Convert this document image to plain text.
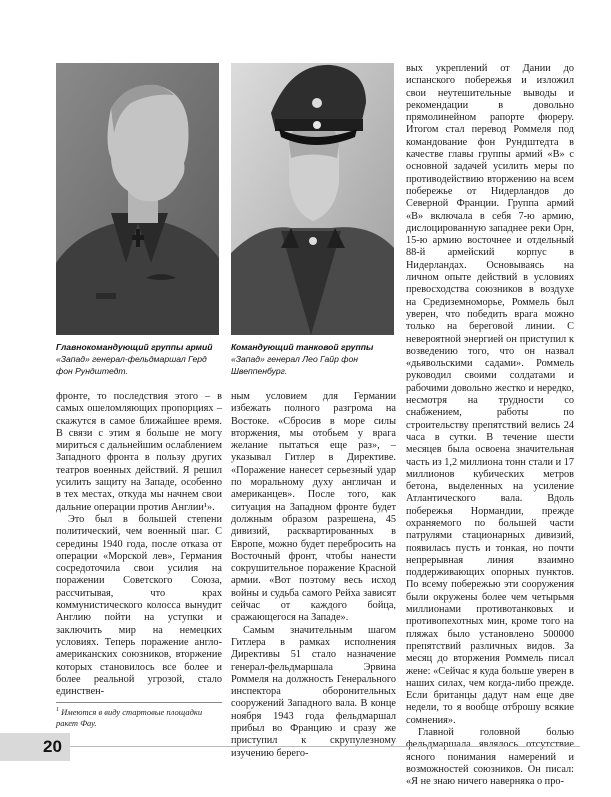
Главнокомандующий группы армий
«Запад» генерал-фельдмаршал Герд фон Рундштедт.
Командующий танковой группы
«Запад» генерал Лео Гайр фон Швеппенбург.

фронте, то последствия этого – в самых ошеломляющих пропорциях – скажутся в самое ближайшее время. В связи с этим я больше не могу мириться с дальнейшим ослаблением Западного фронта в пользу других театров военных действий. Я решил усилить защиту на Западе, особенно в тех местах, откуда мы начнем свои дальние операции против Англии¹».

Это был в большей степени политический, чем военный шаг. С середины 1940 года, после отказа от операции «Морской лев», Германия сосредоточила свои усилия на поражении Советского Союза, рассчитывая, что крах коммунистического колосса вынудит Англию пойти на уступки и заключить мир на немецких условиях. Теперь поражение англо-американских союзников, вторжение которых становилось все более и более реальной угрозой, стало единствен-

ным условием для Германии избежать полного разгрома на Востоке. «Сбросив в море силы вторжения, мы отобьем у врага желание пытаться еще раз», – указывал Гитлер в Директиве. «Поражение нанесет серьезный удар по моральному духу англичан и американцев». После того, как ситуация на Западном фронте будет должным образом разрешена, 45 дивизий, расквартированных в Европе, можно будет перебросить на Восточный фронт, чтобы нанести сокрушительное поражение Красной армии. «Вот поэтому весь исход войны и судьба самого Рейха зависят сейчас от каждого бойца, сражающегося на Западе».

Самым значительным шагом Гитлера в рамках исполнения Директивы 51 стало назначение генерал-фельдмаршала Эрвина Роммеля на должность Генерального инспектора оборонительных сооружений Западного вала. В конце ноября 1943 года фельдмаршал прибыл во Францию и сразу же приступил к скрупулезному изучению берего-

вых укреплений от Дании до испанского побережья и изложил свои неутешительные выводы и рекомендации в довольно прямолинейном рапорте фюреру. Итогом стал перевод Роммеля под командование фон Рундштедта в качестве главы группы армий «B» с основной задачей усилить меры по противодействию вторжению на всем побережье от Нидерландов до Северной Франции. Группа армий «B» включала в себя 7-ю армию, дислоцированную западнее реки Орн, 15-ю армию восточнее и отдельный 88-й армейский корпус в Нидерландах. Основываясь на личном опыте действий в условиях превосходства союзников в воздухе на Средиземноморье, Роммель был уверен, что победить врага можно только на береговой линии. С невероятной энергией он приступил к возведению того, что он назвал «дьявольскими садами». Роммель руководил своими солдатами и рабочими довольно жестко и нередко, несмотря на трудности со снабжением, работы по строительству препятствий велись 24 часа в сутки. В течение шести месяцев была освоена значительная часть из 1,2 миллиона тонн стали и 17 миллионов кубических метров бетона, выделенных на усиление Атлантического вала. Вдоль побережья Нормандии, прежде охраняемого по большей части патрулями стационарных дивизий, появилась пусть и тонкая, но почти непрерывная линия взаимно поддерживающих опорных пунктов. По всему побережью эти сооружения были окружены более чем четырьмя миллионами противотанковых и противопехотных мин, кроме того на пляжах было установлено 500000 препятствий различных видов. За месяц до вторжения Роммель писал жене: «Сейчас я куда больше уверен в наших силах, чем когда-либо прежде. Если британцы дадут нам еще две недели, то я вообще отброшу всякие сомнения».

Главной головной болью фельдмаршала являлось отсутствие ясного понимания намерений и возможностей союзников. Он писал: «Я не знаю ничего наверняка о про-

$^1$ Имеются в виду стартовые площадки ракет Фау.
20
